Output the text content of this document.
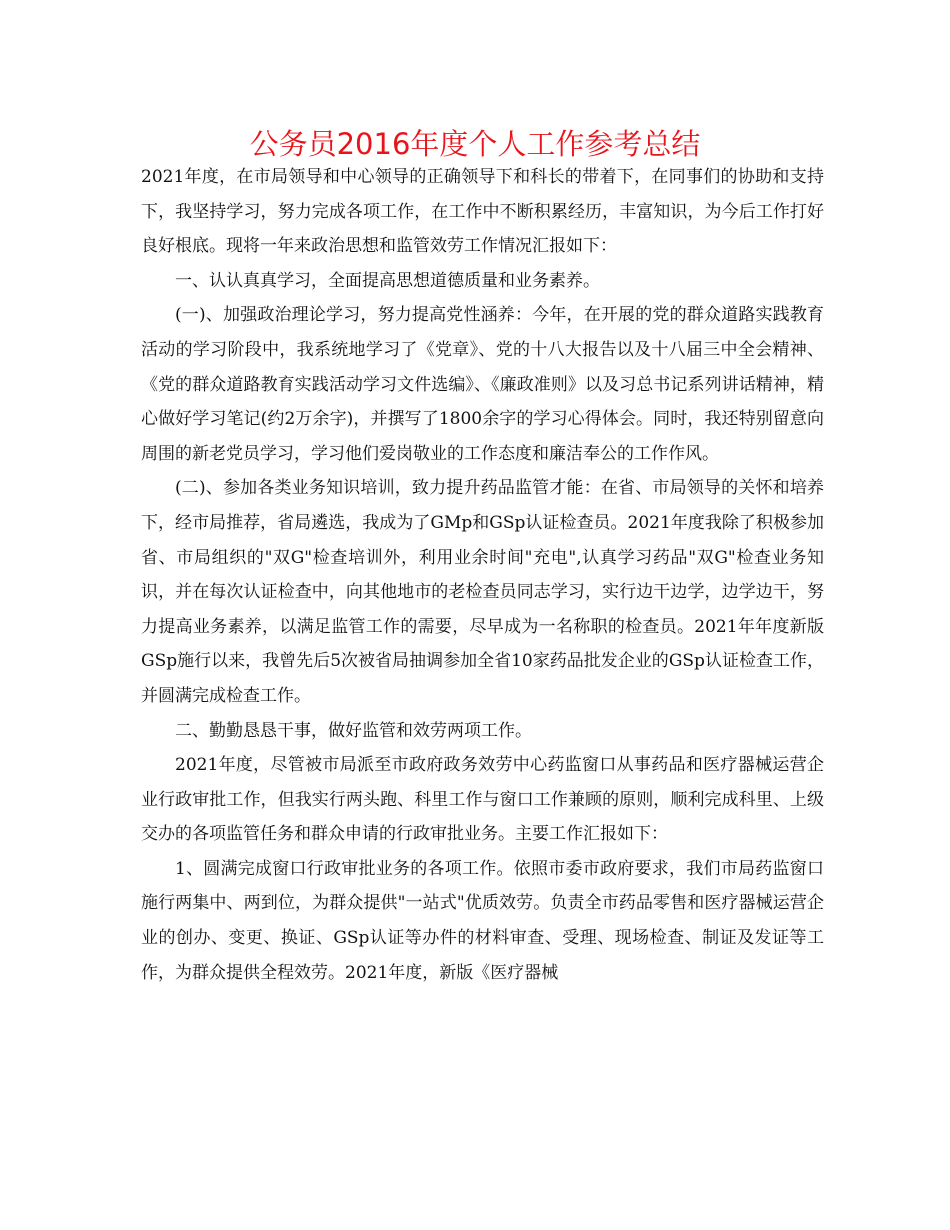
公务员2016年度个人工作参考总结

2021年度，在市局领导和中心领导的正确领导下和科长的带着下，在同事们的协助和支持下，我坚持学习，努力完成各项工作，在工作中不断积累经历，丰富知识，为今后工作打好良好根底。现将一年来政治思想和监管效劳工作情况汇报如下：

一、认认真真学习，全面提高思想道德质量和业务素养。

(一)、加强政治理论学习，努力提高党性涵养：今年，在开展的党的群众道路实践教育活动的学习阶段中，我系统地学习了《党章》、党的十八大报告以及十八届三中全会精神、《党的群众道路教育实践活动学习文件选编》、《廉政准则》以及习总书记系列讲话精神，精心做好学习笔记(约2万余字)，并撰写了1800余字的学习心得体会。同时，我还特别留意向周围的新老党员学习，学习他们爱岗敬业的工作态度和廉洁奉公的工作作风。

(二)、参加各类业务知识培训，致力提升药品监管才能：在省、市局领导的关怀和培养下，经市局推荐，省局遴选，我成为了GMp和GSp认证检查员。2021年度我除了积极参加省、市局组织的"双G"检查培训外，利用业余时间"充电",认真学习药品"双G"检查业务知识，并在每次认证检查中，向其他地市的老检查员同志学习，实行边干边学，边学边干，努力提高业务素养，以满足监管工作的需要，尽早成为一名称职的检查员。2021年年度新版GSp施行以来，我曾先后5次被省局抽调参加全省10家药品批发企业的GSp认证检查工作，并圆满完成检查工作。

二、勤勤恳恳干事，做好监管和效劳两项工作。

2021年度，尽管被市局派至市政府政务效劳中心药监窗口从事药品和医疗器械运营企业行政审批工作，但我实行两头跑、科里工作与窗口工作兼顾的原则，顺利完成科里、上级交办的各项监管任务和群众申请的行政审批业务。主要工作汇报如下：

1、圆满完成窗口行政审批业务的各项工作。依照市委市政府要求，我们市局药监窗口施行两集中、两到位，为群众提供"一站式"优质效劳。负责全市药品零售和医疗器械运营企业的创办、变更、换证、GSp认证等办件的材料审查、受理、现场检查、制证及发证等工作，为群众提供全程效劳。2021年度，新版《医疗器械
